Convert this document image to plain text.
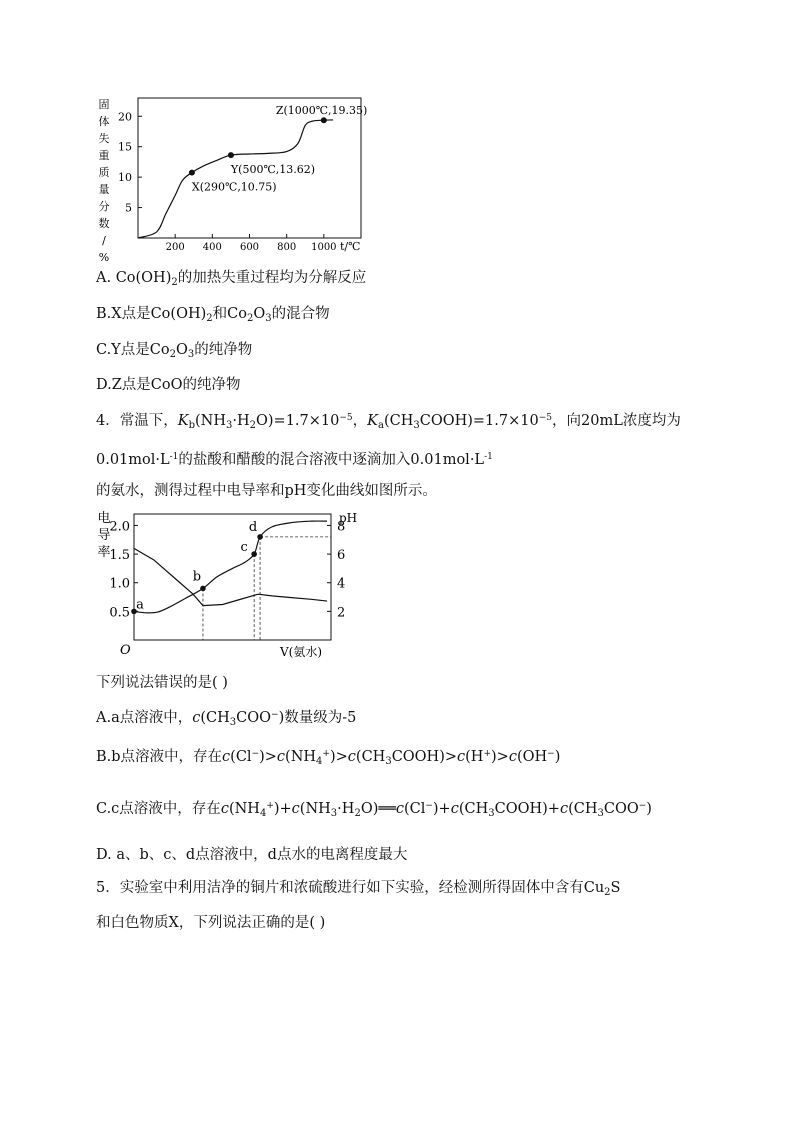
固
体
失
重
质
量
分
数
/
%
5
10
15
20
200 400 600 800 1000 t/℃
X(290℃,10.75)
Y(500℃,13.62)
Z(1000℃,19.35)
A. $Co(OH)_2$的加热失重过程均为分解反应
B.X点是$Co(OH)_2$和$Co_2O_3$的混合物
C.Y点是$Co_2O_3$的纯净物
D.Z点是CoO的纯净物
4．常温下，$K_b(NH_3\cdot H_2O)=1.7\times 10^{-5}$，$K_a(CH_3COOH)=1.7\times 10^{-5}$，向20mL浓度均为
$0.01mol\cdot L^{-1}$的盐酸和醋酸的混合溶液中逐滴加入$0.01mol\cdot L^{-1}$
的氨水，测得过程中电导率和pH变化曲线如图所示。
电
导
率
pH
O
0.5
1.0
1.5
2.0
2
4
6
8
V(氨水)
a
b
c
d
下列说法错误的是( )
A.a点溶液中，$c(CH_3COO^-)$数量级为-5
B.b点溶液中，存在$c(Cl^-)>c(NH_4^+)>c(CH_3COOH)>c(H^+)>c(OH^-)$
C.c点溶液中，存在$c(NH_4^+)+c(NH_3\cdot H_2O)══c(Cl^-)+c(CH_3COOH)+c(CH_3COO^-)$
D. a、b、c、d点溶液中，d点水的电离程度最大
5．实验室中利用洁净的铜片和浓硫酸进行如下实验，经检测所得固体中含有$Cu_2S$
和白色物质X，下列说法正确的是( )
